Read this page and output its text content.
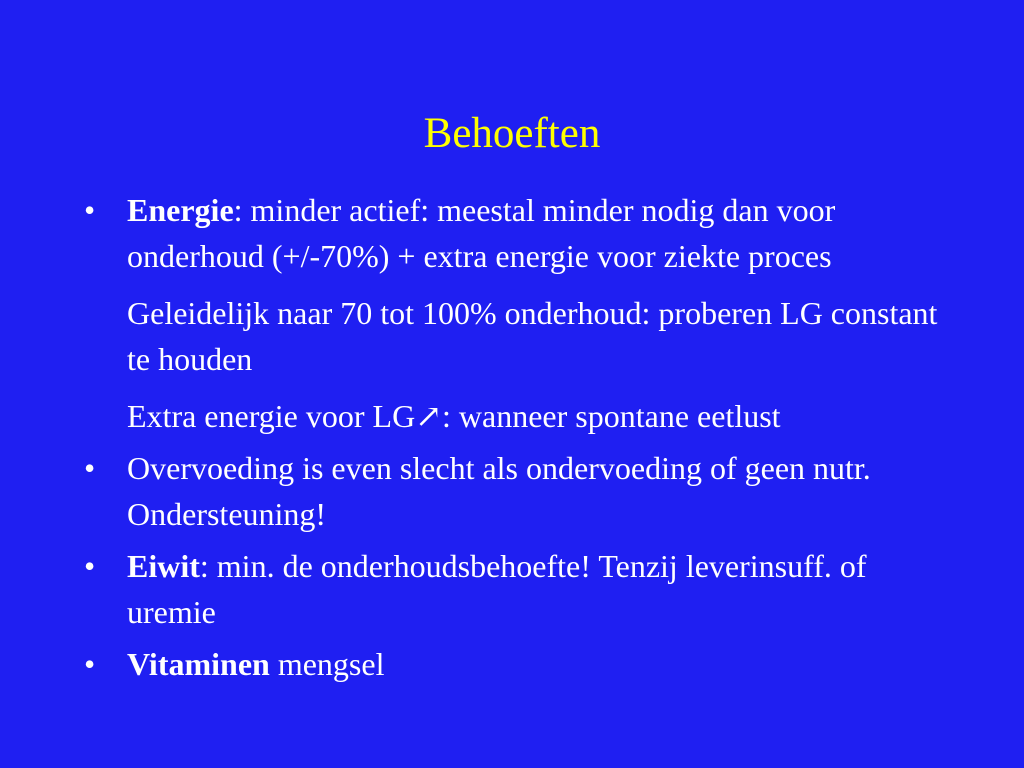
Behoeften
• Energie: minder actief: meestal minder nodig dan voor onderhoud (+/-70%) + extra energie voor ziekte proces
Geleidelijk naar 70 tot 100% onderhoud: proberen LG constant te houden
Extra energie voor LG↗: wanneer spontane eetlust
• Overvoeding is even slecht als ondervoeding of geen nutr. Ondersteuning!
• Eiwit: min. de onderhoudsbehoefte! Tenzij leverinsuff. of uremie
• Vitaminen mengsel
